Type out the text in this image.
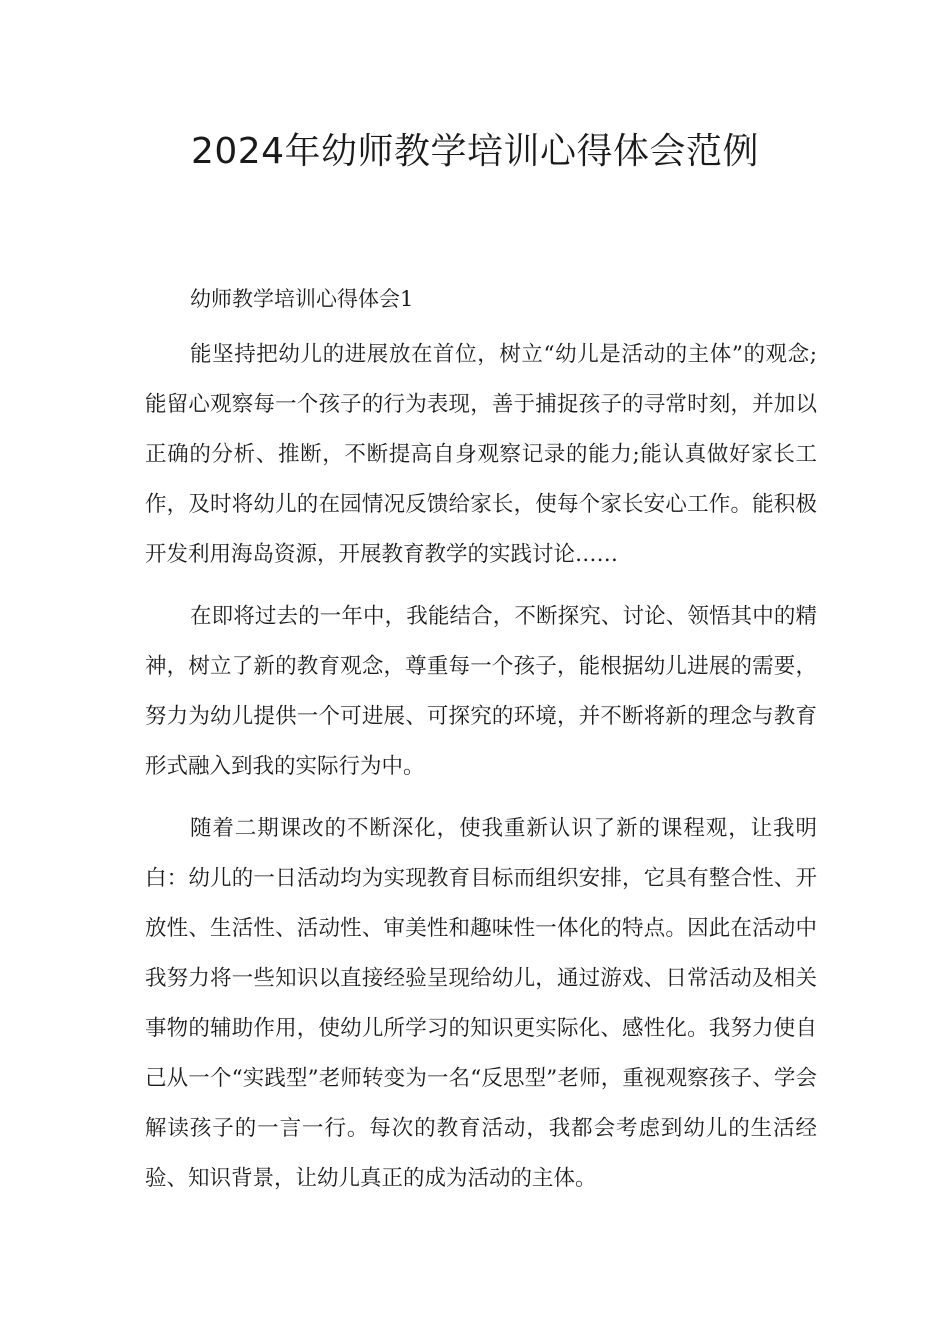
2024年幼师教学培训心得体会范例
幼师教学培训心得体会1

能坚持把幼儿的进展放在首位，树立“幼儿是活动的主体”的观念;能留心观察每一个孩子的行为表现，善于捕捉孩子的寻常时刻，并加以正确的分析、推断，不断提高自身观察记录的能力;能认真做好家长工作，及时将幼儿的在园情况反馈给家长，使每个家长安心工作。能积极开发利用海岛资源，开展教育教学的实践讨论……

在即将过去的一年中，我能结合，不断探究、讨论、领悟其中的精神，树立了新的教育观念，尊重每一个孩子，能根据幼儿进展的需要，努力为幼儿提供一个可进展、可探究的环境，并不断将新的理念与教育形式融入到我的实际行为中。

随着二期课改的不断深化，使我重新认识了新的课程观，让我明白：幼儿的一日活动均为实现教育目标而组织安排，它具有整合性、开放性、生活性、活动性、审美性和趣味性一体化的特点。因此在活动中我努力将一些知识以直接经验呈现给幼儿，通过游戏、日常活动及相关事物的辅助作用，使幼儿所学习的知识更实际化、感性化。我努力使自己从一个“实践型”老师转变为一名“反思型”老师，重视观察孩子、学会解读孩子的一言一行。每次的教育活动，我都会考虑到幼儿的生活经验、知识背景，让幼儿真正的成为活动的主体。
